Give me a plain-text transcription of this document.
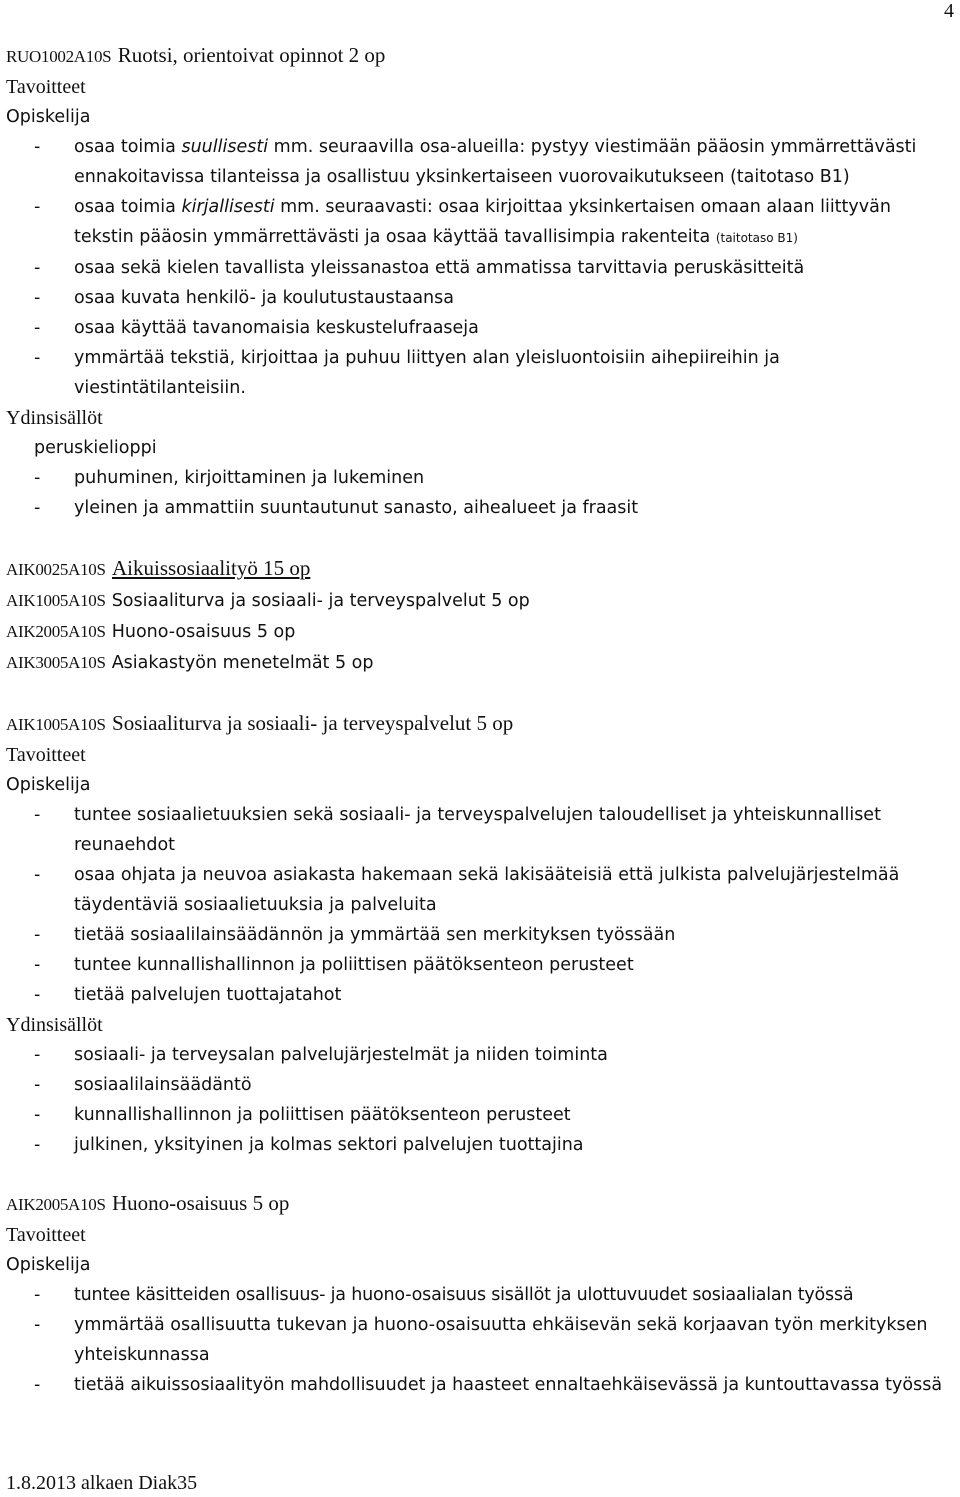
4
RUO1002A10S Ruotsi, orientoivat opinnot 2 op
Tavoitteet
Opiskelija
- osaa toimia suullisesti mm. seuraavilla osa-alueilla: pystyy viestimään pääosin ymmärrettävästi ennakoitavissa tilanteissa ja osallistuu yksinkertaiseen vuorovaikutukseen (taitotaso B1)
- osaa toimia kirjallisesti mm. seuraavasti: osaa kirjoittaa yksinkertaisen omaan alaan liittyvän tekstin pääosin ymmärrettävästi ja osaa käyttää tavallisimpia rakenteita (taitotaso B1)
- osaa sekä kielen tavallista yleissanastoa että ammatissa tarvittavia peruskäsitteitä
- osaa kuvata henkilö- ja koulutustaustaansa
- osaa käyttää tavanomaisia keskustelufraaseja
- ymmärtää tekstiä, kirjoittaa ja puhuu liittyen alan yleisluontoisiin aihepiireihin ja viestintätilanteisiin.
Ydinsisällöt
peruskielioppi
- puhuminen, kirjoittaminen ja lukeminen
- yleinen ja ammattiin suuntautunut sanasto, aihealueet ja fraasit
AIK0025A10S Aikuissosiaalityö 15 op
AIK1005A10S Sosiaaliturva ja sosiaali- ja terveyspalvelut 5 op
AIK2005A10S Huono-osaisuus 5 op
AIK3005A10S Asiakastyön menetelmät 5 op
AIK1005A10S Sosiaaliturva ja sosiaali- ja terveyspalvelut 5 op
Tavoitteet
Opiskelija
- tuntee sosiaalietuuksien sekä sosiaali- ja terveyspalvelujen taloudelliset ja yhteiskunnalliset reunaehdot
- osaa ohjata ja neuvoa asiakasta hakemaan sekä lakisääteisiä että julkista palvelujärjestelmää täydentäviä sosiaalietuuksia ja palveluita
- tietää sosiaalilainsäädännön ja ymmärtää sen merkityksen työssään
- tuntee kunnallishallinnon ja poliittisen päätöksenteon perusteet
- tietää palvelujen tuottajatahot
Ydinsisällöt
- sosiaali- ja terveysalan palvelujärjestelmät ja niiden toiminta
- sosiaalilainsäädäntö
- kunnallishallinnon ja poliittisen päätöksenteon perusteet
- julkinen, yksityinen ja kolmas sektori palvelujen tuottajina
AIK2005A10S Huono-osaisuus 5 op
Tavoitteet
Opiskelija
- tuntee käsitteiden osallisuus- ja huono-osaisuus sisällöt ja ulottuvuudet sosiaalialan työssä
- ymmärtää osallisuutta tukevan ja huono-osaisuutta ehkäisevän sekä korjaavan työn merkityksen yhteiskunnassa
- tietää aikuissosiaalityön mahdollisuudet ja haasteet ennaltaehkäisevässä ja kuntouttavassa työssä
1.8.2013 alkaen Diak35
